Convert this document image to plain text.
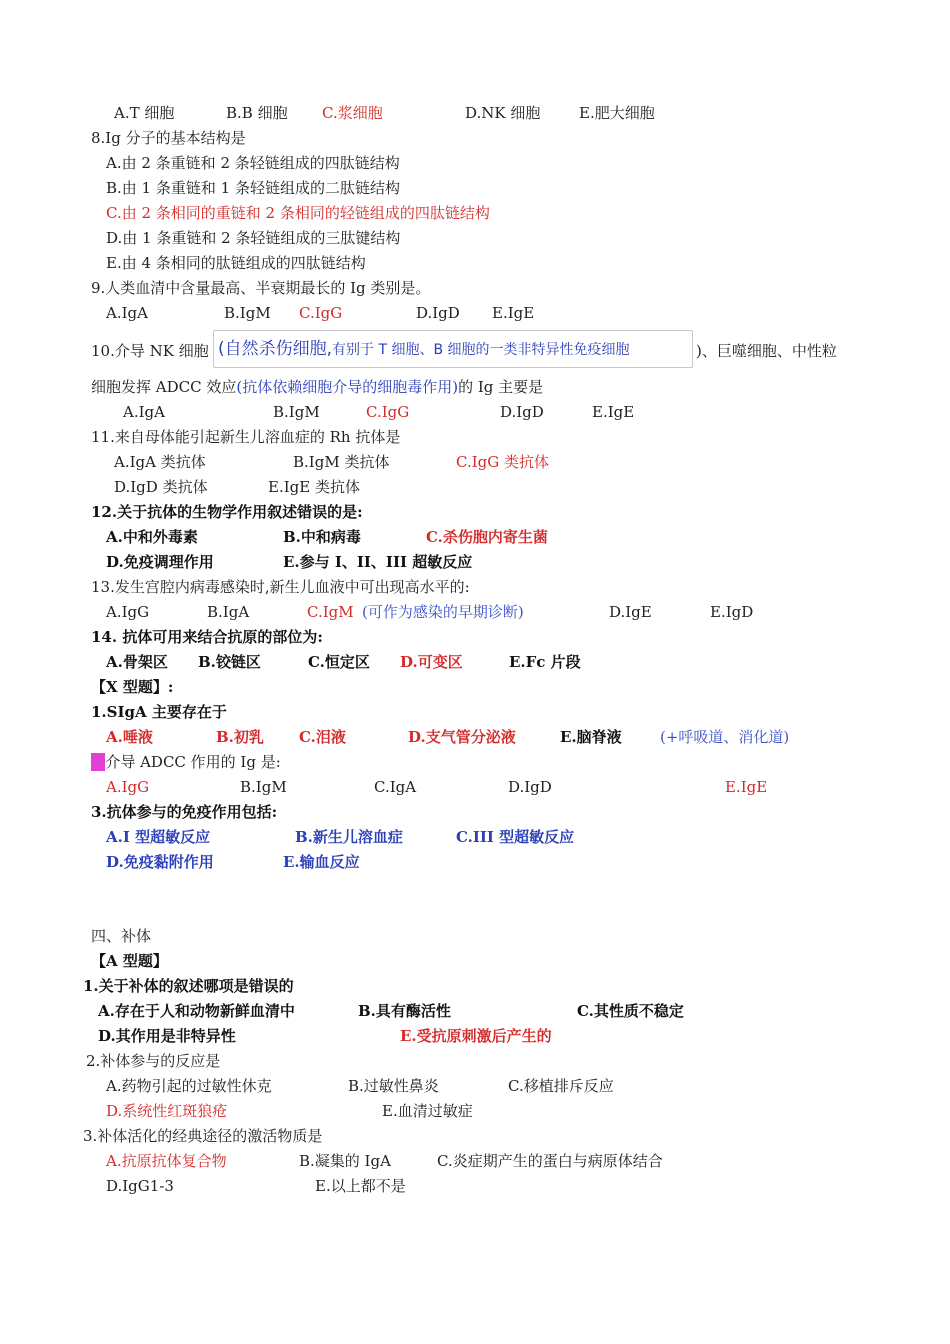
A.T 细胞	B.B 细胞 C.浆细胞	D.NK 细胞	E.肥大细胞
8.Ig 分子的基本结构是
A.由 2 条重链和 2 条轻链组成的四肽链结构
B.由 1 条重链和 1 条轻链组成的二肽链结构
C.由 2 条相同的重链和 2 条相同的轻链组成的四肽链结构
D.由 1 条重链和 2 条轻链组成的三肽键结构
E.由 4 条相同的肽链组成的四肽链结构
9.人类血清中含量最高、半衰期最长的 Ig 类别是。
A.IgA	B.IgM C.IgG	D.IgD E.IgE
10.介导 NK 细胞 (自然杀伤细胞,有别于 T 细胞、B 细胞的一类非特异性免疫细胞	)、巨噬细胞、中性粒
细胞发挥 ADCC 效应(抗体依赖细胞介导的细胞毒作用)的 Ig 主要是
A.IgA	B.IgM	C.IgG	D.IgD	E.IgE
11.来自母体能引起新生儿溶血症的 Rh 抗体是
A.IgA 类抗体	B.IgM 类抗体	C.IgG 类抗体
D.IgD 类抗体	E.IgE 类抗体
12.关于抗体的生物学作用叙述错误的是:
A.中和外毒素	B.中和病毒	C.杀伤胞内寄生菌
D.免疫调理作用	E.参与 I、II、III 超敏反应
13.发生宫腔内病毒感染时,新生儿血液中可出现高水平的:
A.IgG	B.IgA	C.IgM (可作为感染的早期诊断)	D.IgE	E.IgD
14. 抗体可用来结合抗原的部位为:
A.骨架区 B.铰链区	C.恒定区 D.可变区	E.Fc 片段
【X 型题】:
1.SIgA 主要存在于
A.唾液	B.初乳 C.泪液	D.支气管分泌液	E.脑脊液	(+呼吸道、消化道)
2.介导 ADCC 作用的 Ig 是:
A.IgG	B.IgM	C.IgA	D.IgD	E.IgE
3.抗体参与的免疫作用包括:
A.I 型超敏反应	B.新生儿溶血症	C.III 型超敏反应
D.免疫黏附作用	E.输血反应
四、补体
【A 型题】
1.关于补体的叙述哪项是错误的
A.存在于人和动物新鲜血清中	B.具有酶活性	C.其性质不稳定
D.其作用是非特异性	E.受抗原刺激后产生的
2.补体参与的反应是
A.药物引起的过敏性休克	B.过敏性鼻炎	C.移植排斥反应
D.系统性红斑狼疮	E.血清过敏症
3.补体活化的经典途径的激活物质是
A.抗原抗体复合物	B.凝集的 IgA	C.炎症期产生的蛋白与病原体结合
D.IgG1-3	E.以上都不是
